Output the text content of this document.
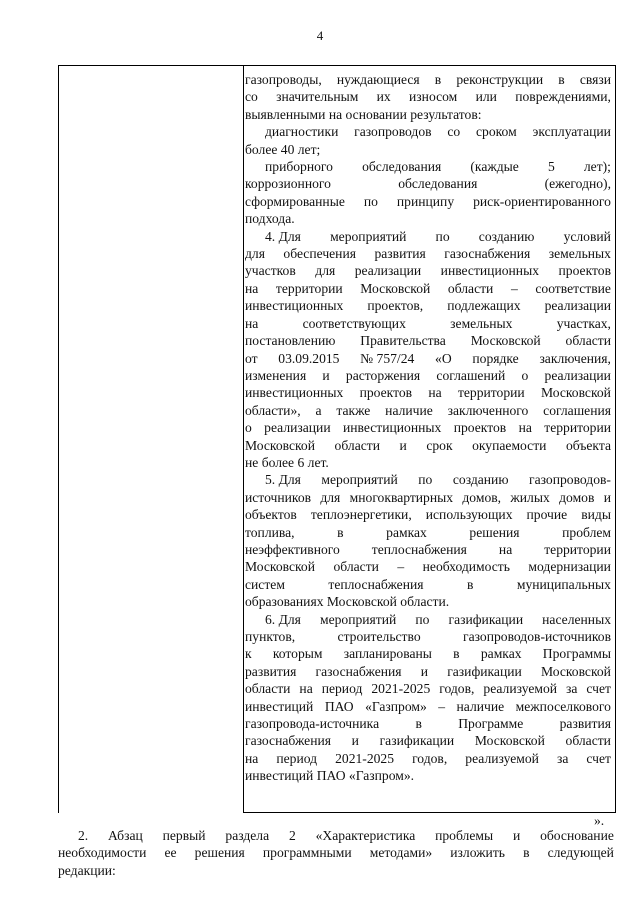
4
газопроводы, нуждающиеся в реконструкции в связи
со значительным их износом или повреждениями,
выявленными на основании результатов:
диагностики газопроводов со сроком эксплуатации
более 40 лет;
приборного обследования (каждые 5 лет);
коррозионного	обследования	(ежегодно),
сформированные по принципу риск-ориентированного
подхода.
4. Для мероприятий по созданию условий
для обеспечения развития газоснабжения земельных
участков для реализации инвестиционных проектов
на территории Московской области – соответствие
инвестиционных проектов, подлежащих реализации
на	соответствующих	земельных	участках,
постановлению Правительства Московской области
от 03.09.2015 № 757/24 «О порядке заключения,
изменения и расторжения соглашений о реализации
инвестиционных проектов на территории Московской
области», а также наличие заключенного соглашения
о реализации инвестиционных проектов на территории
Московской области и срок окупаемости объекта
не более 6 лет.
5. Для мероприятий по созданию газопроводов-
источников для многоквартирных домов, жилых домов и
объектов теплоэнергетики, использующих прочие виды
топлива,	в	рамках	решения	проблем
неэффективного теплоснабжения на территории
Московской области – необходимость модернизации
систем	теплоснабжения	в	муниципальных
образованиях Московской области.
6. Для мероприятий по газификации населенных
пунктов,	строительство	газопроводов-источников
к которым запланированы в рамках Программы
развития газоснабжения и газификации Московской
области на период 2021-2025 годов, реализуемой за счет
инвестиций ПАО «Газпром» – наличие межпоселкового
газопровода-источника	в	Программе	развития
газоснабжения и газификации Московской области
на период 2021-2025 годов, реализуемой за счет
инвестиций ПАО «Газпром».
».
2. Абзац первый раздела 2 «Характеристика проблемы и обоснование
необходимости ее решения программными методами» изложить в следующей
редакции:
